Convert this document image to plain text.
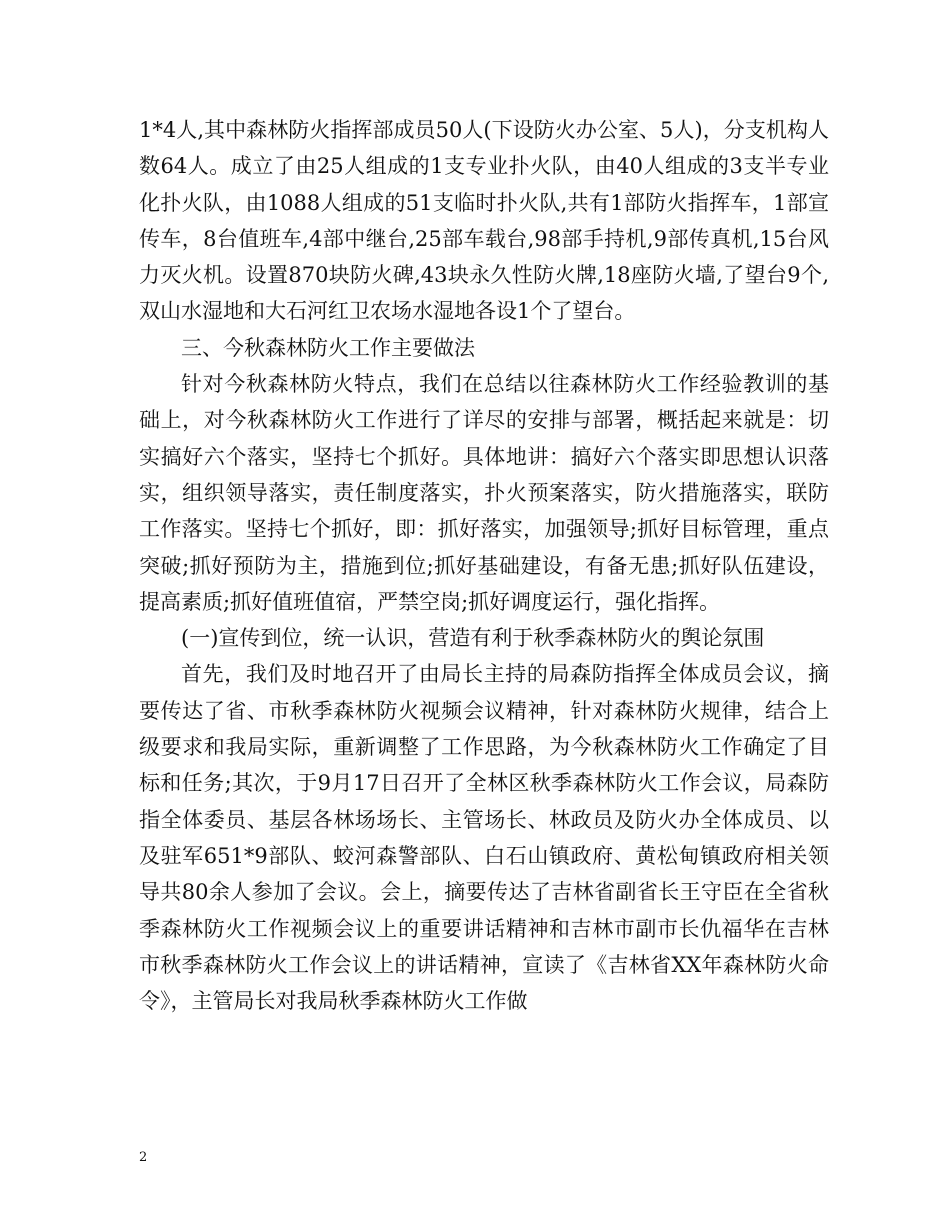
1*4人,其中森林防火指挥部成员50人(下设防火办公室、5人)，分支机构人数64人。成立了由25人组成的1支专业扑火队，由40人组成的3支半专业化扑火队，由1088人组成的51支临时扑火队,共有1部防火指挥车，1部宣传车，8台值班车,4部中继台,25部车载台,98部手持机,9部传真机,15台风力灭火机。设置870块防火碑,43块永久性防火牌,18座防火墙,了望台9个,双山水湿地和大石河红卫农场水湿地各设1个了望台。

三、今秋森林防火工作主要做法

针对今秋森林防火特点，我们在总结以往森林防火工作经验教训的基础上，对今秋森林防火工作进行了详尽的安排与部署，概括起来就是：切实搞好六个落实，坚持七个抓好。具体地讲：搞好六个落实即思想认识落实，组织领导落实，责任制度落实，扑火预案落实，防火措施落实，联防工作落实。坚持七个抓好，即：抓好落实，加强领导;抓好目标管理，重点突破;抓好预防为主，措施到位;抓好基础建设，有备无患;抓好队伍建设，提高素质;抓好值班值宿，严禁空岗;抓好调度运行，强化指挥。

(一)宣传到位，统一认识，营造有利于秋季森林防火的舆论氛围

首先，我们及时地召开了由局长主持的局森防指挥全体成员会议，摘要传达了省、市秋季森林防火视频会议精神，针对森林防火规律，结合上级要求和我局实际，重新调整了工作思路，为今秋森林防火工作确定了目标和任务;其次，于9月17日召开了全林区秋季森林防火工作会议，局森防指全体委员、基层各林场场长、主管场长、林政员及防火办全体成员、以及驻军651*9部队、蛟河森警部队、白石山镇政府、黄松甸镇政府相关领导共80余人参加了会议。会上，摘要传达了吉林省副省长王守臣在全省秋季森林防火工作视频会议上的重要讲话精神和吉林市副市长仇福华在吉林市秋季森林防火工作会议上的讲话精神，宣读了《吉林省XX年森林防火命令》，主管局长对我局秋季森林防火工作做

2
